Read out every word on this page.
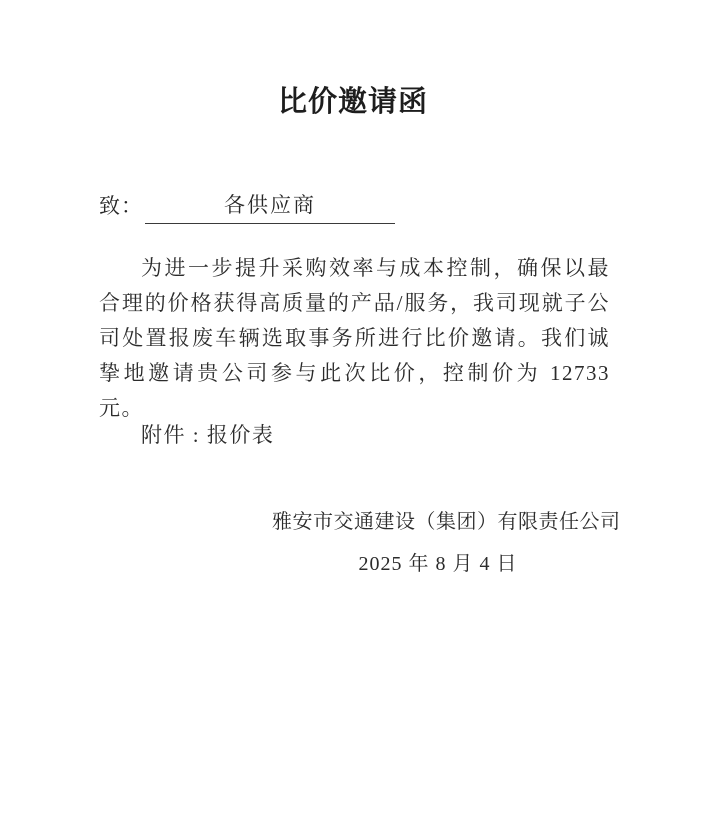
比价邀请函
致：	各供应商

为进一步提升采购效率与成本控制，确保以最合理的价格获得高质量的产品/服务，我司现就子公司处置报废车辆选取事务所进行比价邀请。我们诚挚地邀请贵公司参与此次比价，控制价为 12733 元。

附件 : 报价表
雅安市交通建设（集团）有限责任公司
2025 年 8 月 4 日
